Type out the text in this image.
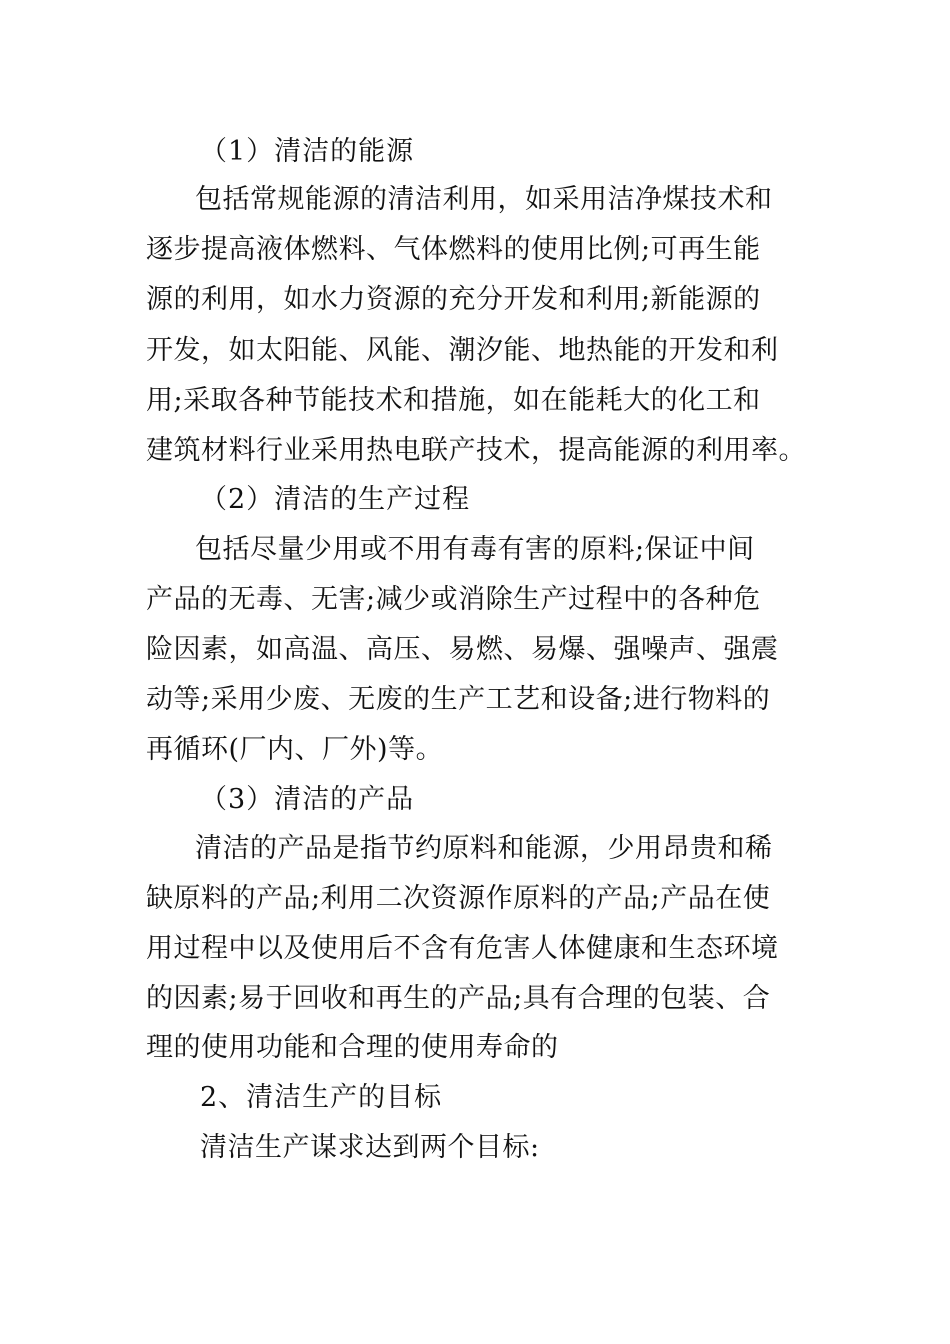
（1）清洁的能源
包括常规能源的清洁利用，如采用洁净煤技术和
逐步提高液体燃料、气体燃料的使用比例;可再生能
源的利用，如水力资源的充分开发和利用;新能源的
开发，如太阳能、风能、潮汐能、地热能的开发和利
用;采取各种节能技术和措施，如在能耗大的化工和
建筑材料行业采用热电联产技术，提高能源的利用率。
（2）清洁的生产过程
包括尽量少用或不用有毒有害的原料;保证中间
产品的无毒、无害;减少或消除生产过程中的各种危
险因素，如高温、高压、易燃、易爆、强噪声、强震
动等;采用少废、无废的生产工艺和设备;进行物料的
再循环(厂内、厂外)等。
（3）清洁的产品
清洁的产品是指节约原料和能源，少用昂贵和稀
缺原料的产品;利用二次资源作原料的产品;产品在使
用过程中以及使用后不含有危害人体健康和生态环境
的因素;易于回收和再生的产品;具有合理的包装、合
理的使用功能和合理的使用寿命的
2、清洁生产的目标
清洁生产谋求达到两个目标:
